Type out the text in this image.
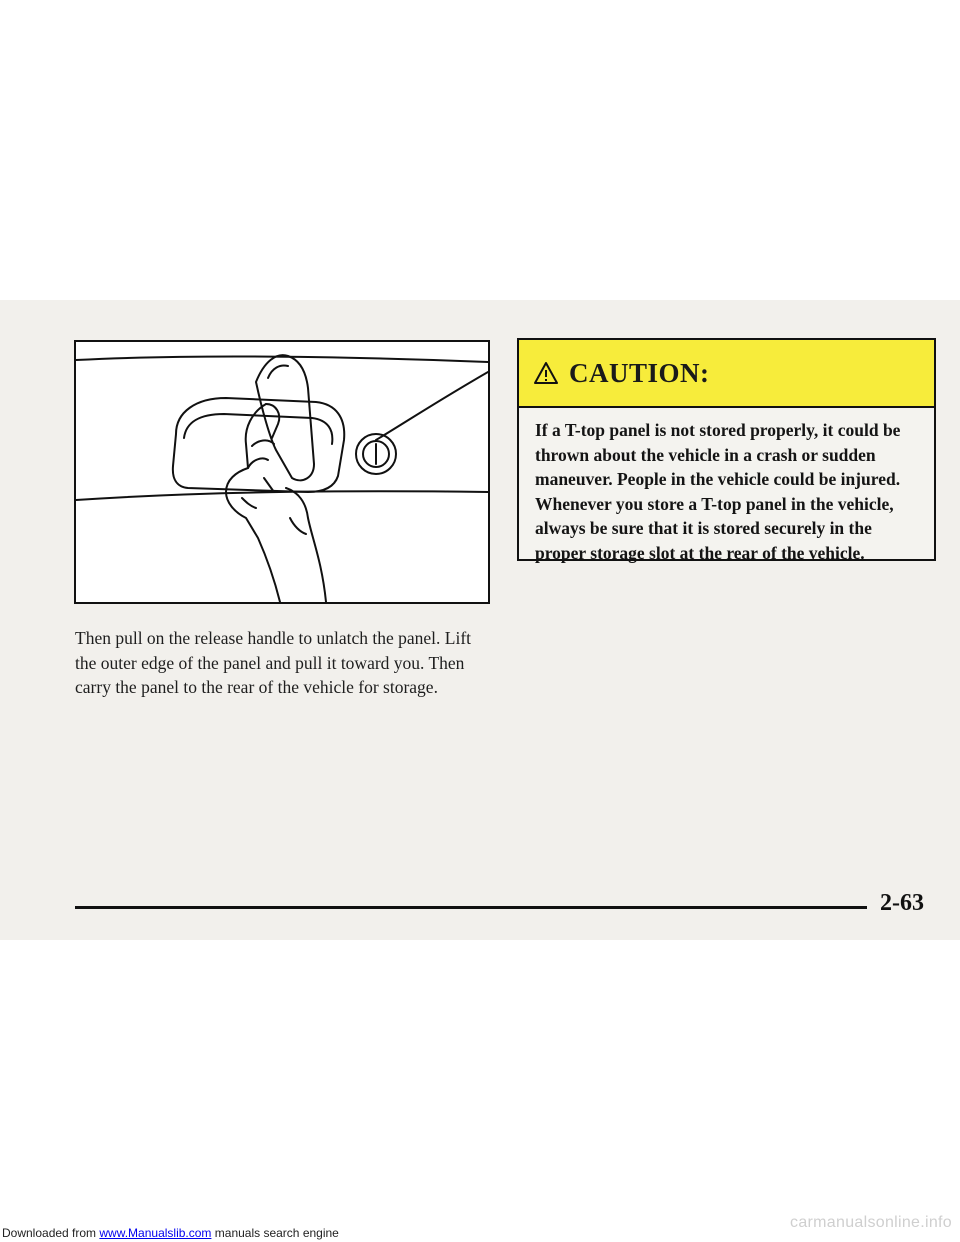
CAUTION:
If a T-top panel is not stored properly, it could be
thrown about the vehicle in a crash or sudden
maneuver. People in the vehicle could be injured.
Whenever you store a T-top panel in the vehicle,
always be sure that it is stored securely in the
proper storage slot at the rear of the vehicle.
Then pull on the release handle to unlatch the panel. Lift
the outer edge of the panel and pull it toward you. Then
carry the panel to the rear of the vehicle for storage.
2-63
Downloaded from www.Manualslib.com manuals search engine
carmanualsonline.info
